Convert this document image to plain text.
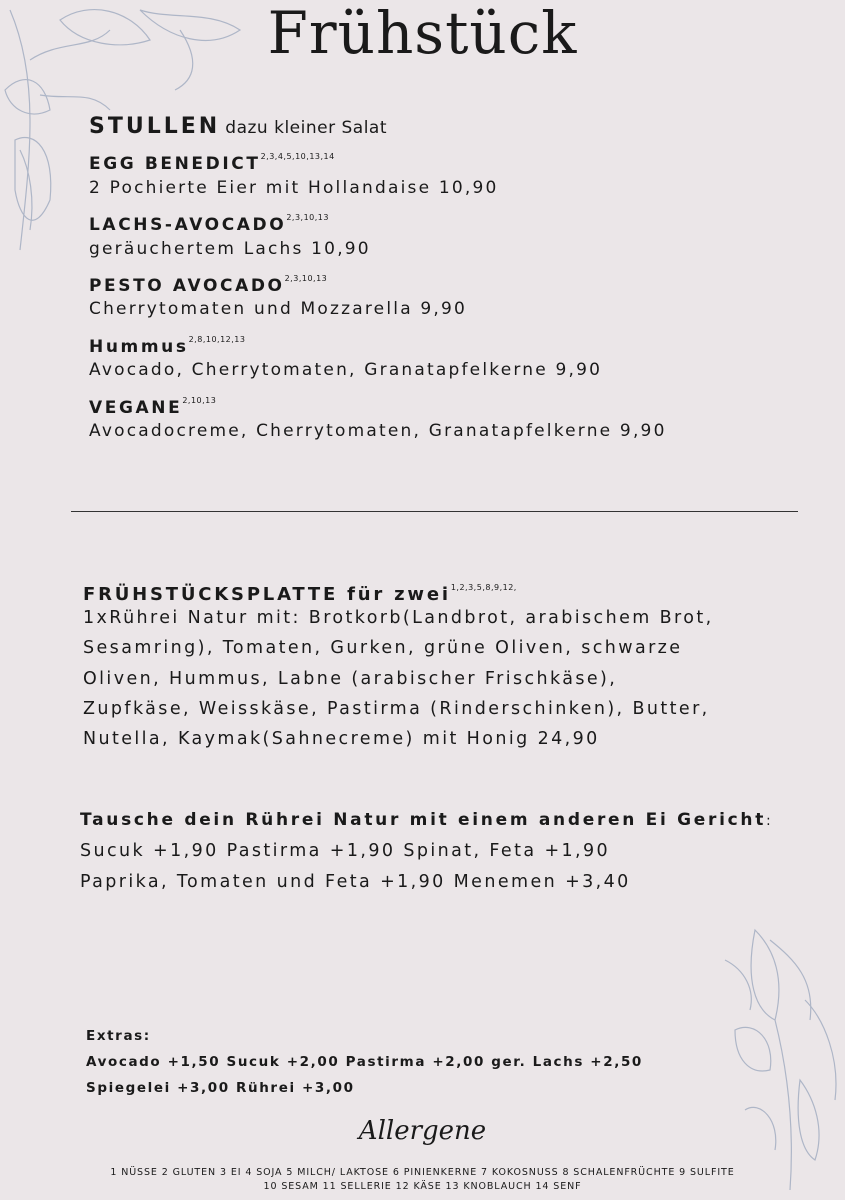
Frühstück
STULLEN dazu kleiner Salat
EGG BENEDICT$^{2,3,4,5,10,13,14}$
2 Pochierte Eier mit Hollandaise 10,90
LACHS-AVOCADO$^{2,3,10,13}$
geräuchertem Lachs 10,90
PESTO AVOCADO$^{2,3,10,13}$
Cherrytomaten und Mozzarella 9,90
Hummus$^{2,8,10,12,13}$
Avocado, Cherrytomaten, Granatapfelkerne 9,90
VEGANE$^{2,10,13}$
Avocadocreme, Cherrytomaten, Granatapfelkerne 9,90
FRÜHSTÜCKSPLATTE für zwei$^{1,2,3,5,8,9,12,}$
1xRührei Natur mit: Brotkorb(Landbrot, arabischem Brot,
Sesamring), Tomaten, Gurken, grüne Oliven, schwarze
Oliven, Hummus, Labne (arabischer Frischkäse),
Zupfkäse, Weisskäse, Pastirma (Rinderschinken), Butter,
Nutella, Kaymak(Sahnecreme) mit Honig 24,90
Tausche dein Rührei Natur mit einem anderen Ei Gericht:
Sucuk +1,90 Pastirma +1,90 Spinat, Feta +1,90
Paprika, Tomaten und Feta +1,90 Menemen +3,40
Extras:
Avocado +1,50 Sucuk +2,00 Pastirma +2,00 ger. Lachs +2,50
Spiegelei +3,00 Rührei +3,00
Allergene
1 NÜSSE 2 GLUTEN 3 EI 4 SOJA 5 MILCH/ LAKTOSE 6 PINIENKERNE 7 KOKOSNUSS 8 SCHALENFRÜCHTE 9 SULFITE
10 SESAM 11 SELLERIE 12 KÄSE 13 KNOBLAUCH 14 SENF
